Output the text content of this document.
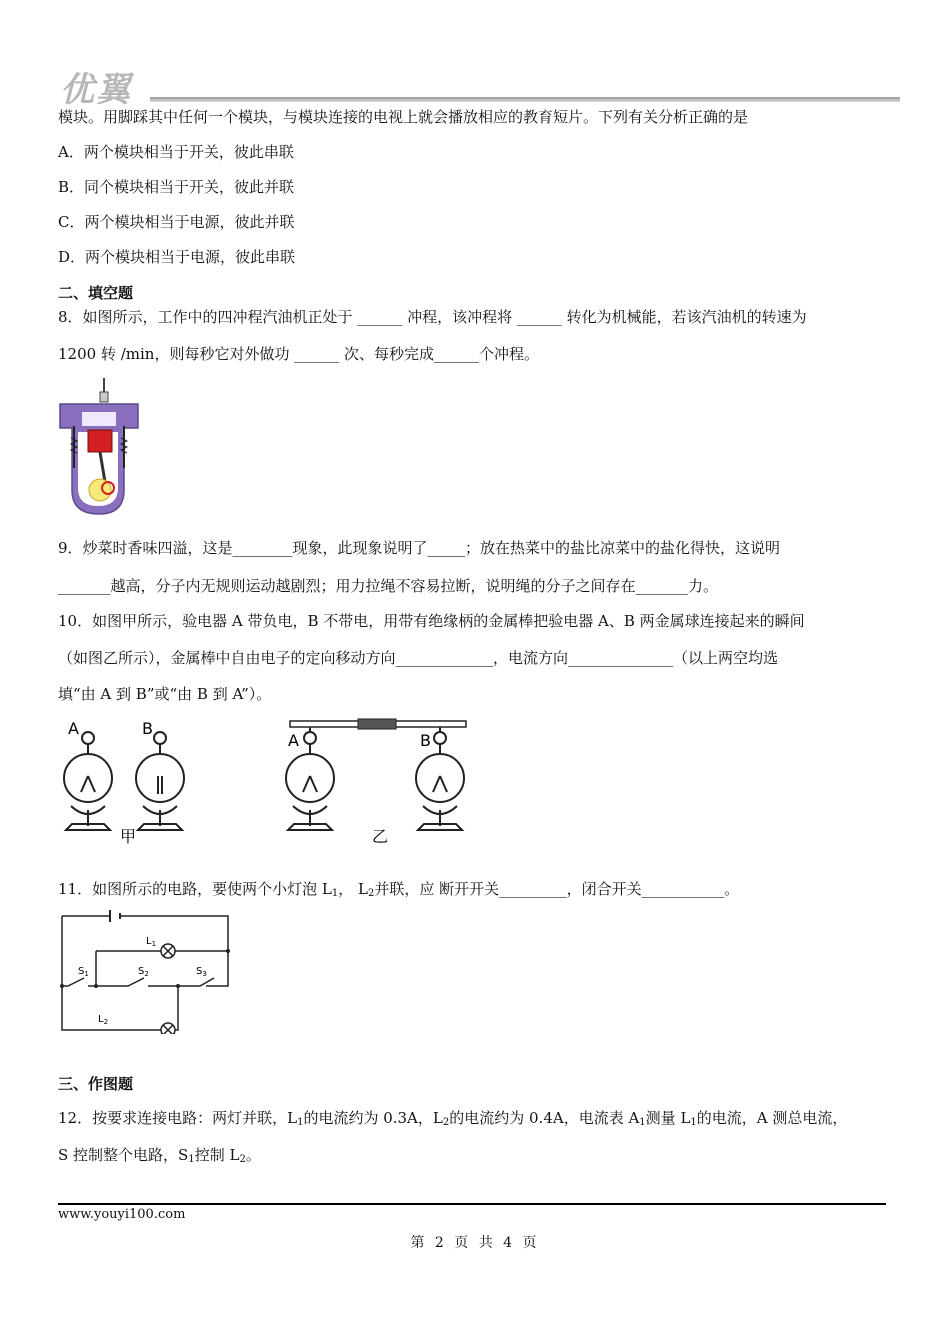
优翼
模块。用脚踩其中任何一个模块，与模块连接的电视上就会播放相应的教育短片。下列有关分析正确的是
A．两个模块相当于开关，彼此串联
B．同个模块相当于开关，彼此并联
C．两个模块相当于电源，彼此并联
D．两个模块相当于电源，彼此串联
二、填空题
8．如图所示，工作中的四冲程汽油机正处于 ______ 冲程，该冲程将 ______ 转化为机械能，若该汽油机的转速为
1200 转 /min，则每秒它对外做功 ______ 次、每秒完成______个冲程。
9．炒菜时香味四溢，这是________现象，此现象说明了_____；放在热菜中的盐比凉菜中的盐化得快，这说明
_______越高，分子内无规则运动越剧烈；用力拉绳不容易拉断，说明绳的分子之间存在_______力。
10．如图甲所示，验电器 A 带负电，B 不带电，用带有绝缘柄的金属棒把验电器 A、B 两金属球连接起来的瞬间
（如图乙所示），金属棒中自由电子的定向移动方向_____________，电流方向______________（以上两空均选
填“由 A 到 B”或“由 B 到 A”）。
A	B
甲
A	B
乙
11．如图所示的电路，要使两个小灯泡 $L_1$， $L_2$并联，应 断开开关_________，闭合开关___________。
$L_1$
$S_1$	$S_2$	$S_3$
$L_2$
三、作图题
12．按要求连接电路：两灯并联，$L_1$的电流约为 0.3A，$L_2$的电流约为 0.4A，电流表 $A_1$测量 $L_1$的电流，A 测总电流，
S 控制整个电路，$S_1$控制 $L_2$。
www.youyi100.com
第 2 页 共 4 页
